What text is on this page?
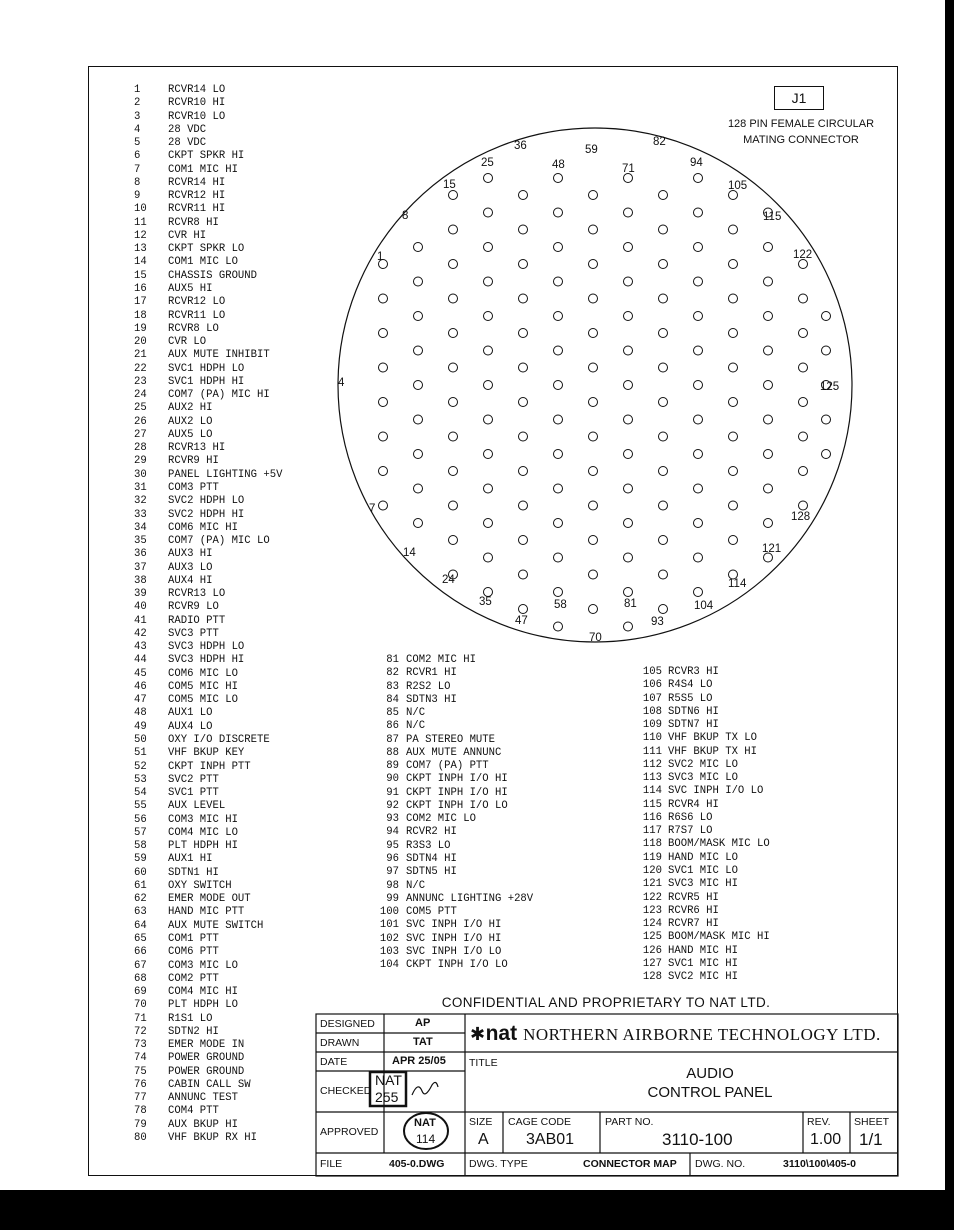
1	RCVR14 LO
2	RCVR10 HI
3	RCVR10 LO
4	28 VDC
5	28 VDC
6	CKPT SPKR HI
7	COM1 MIC HI
8	RCVR14 HI
9	RCVR12 HI
10	RCVR11 HI
11	RCVR8 HI
12	CVR HI
13	CKPT SPKR LO
14	COM1 MIC LO
15	CHASSIS GROUND
16	AUX5 HI
17	RCVR12 LO
18	RCVR11 LO
19	RCVR8 LO
20	CVR LO
21	AUX MUTE INHIBIT
22	SVC1 HDPH LO
23	SVC1 HDPH HI
24	COM7 (PA) MIC HI
25	AUX2 HI
26	AUX2 LO
27	AUX5 LO
28	RCVR13 HI
29	RCVR9 HI
30	PANEL LIGHTING +5V
31	COM3 PTT
32	SVC2 HDPH LO
33	SVC2 HDPH HI
34	COM6 MIC HI
35	COM7 (PA) MIC LO
36	AUX3 HI
37	AUX3 LO
38	AUX4 HI
39	RCVR13 LO
40	RCVR9 LO
41	RADIO PTT
42	SVC3 PTT
43	SVC3 HDPH LO
44	SVC3 HDPH HI
45	COM6 MIC LO
46	COM5 MIC HI
47	COM5 MIC LO
48	AUX1 LO
49	AUX4 LO
50	OXY I/O DISCRETE
51	VHF BKUP KEY
52	CKPT INPH PTT
53	SVC2 PTT
54	SVC1 PTT
55	AUX LEVEL
56	COM3 MIC HI
57	COM4 MIC LO
58	PLT HDPH HI
59	AUX1 HI
60	SDTN1 HI
61	OXY SWITCH
62	EMER MODE OUT
63	HAND MIC PTT
64	AUX MUTE SWITCH
65	COM1 PTT
66	COM6 PTT
67	COM3 MIC LO
68	COM2 PTT
69	COM4 MIC HI
70	PLT HDPH LO
71	R1S1 LO
72	SDTN2 HI
73	EMER MODE IN
74	POWER GROUND
75	POWER GROUND
76	CABIN CALL SW
77	ANNUNC TEST
78	COM4 PTT
79	AUX BKUP HI
80	VHF BKUP RX HI
81 COM2 MIC HI
82 RCVR1 HI
83 R2S2 LO
84 SDTN3 HI
85 N/C
86 N/C
87 PA STEREO MUTE
88 AUX MUTE ANNUNC
89 COM7 (PA) PTT
90 CKPT INPH I/O HI
91 CKPT INPH I/O HI
92 CKPT INPH I/O LO
93 COM2 MIC LO
94 RCVR2 HI
95 R3S3 LO
96 SDTN4 HI
97 SDTN5 HI
98 N/C
99 ANNUNC LIGHTING +28V
100 COM5 PTT
101 SVC INPH I/O HI
102 SVC INPH I/O HI
103 SVC INPH I/O LO
104 CKPT INPH I/O LO
105 RCVR3 HI
106 R4S4 LO
107 R5S5 LO
108 SDTN6 HI
109 SDTN7 HI
110 VHF BKUP TX LO
111 VHF BKUP TX HI
112 SVC2 MIC LO
113 SVC3 MIC LO
114 SVC INPH I/O LO
115 RCVR4 HI
116 R6S6 LO
117 R7S7 LO
118 BOOM/MASK MIC LO
119 HAND MIC LO
120 SVC1 MIC LO
121 SVC3 MIC HI
122 RCVR5 HI
123 RCVR6 HI
124 RCVR7 HI
125 BOOM/MASK MIC HI
126 HAND MIC HI
127 SVC1 MIC HI
128 SVC2 MIC HI
J1
128 PIN FEMALE CIRCULAR
MATING CONNECTOR
1
4
7
8
14
15
24
25
35
36
47
48
58
59
70
71
81
82
93
94
104
105
114
115
121
122
128
125
CONFIDENTIAL AND PROPRIETARY TO NAT LTD.
DESIGNED	AP
DRAWN	TAT
DATE	APR 25/05
CHECKED
NAT
255
APPROVED
NAT
114
✱nat NORTHERN AIRBORNE TECHNOLOGY LTD.
TITLE
AUDIO
CONTROL PANEL
SIZE
A
CAGE CODE
3AB01
PART NO.
3110-100
REV.
1.00
SHEET
1/1
FILE	405-0.DWG DWG. TYPE	CONNECTOR MAP DWG. NO.	3110\100\405-0
